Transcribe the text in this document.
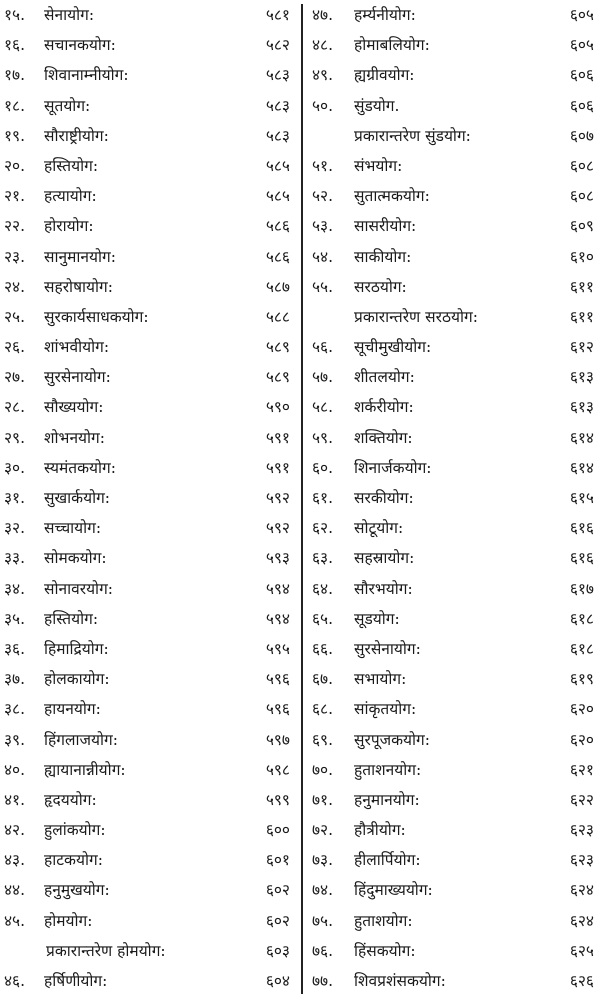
१५. सेनायोग:	५८१
१६. सचानकयोग:	५८२
१७. शिवानाम्नीयोग:	५८३
१८. सूतयोग:	५८३
१९. सौराष्ट्रीयोग:	५८३
२०. हस्तियोग:	५८५
२१. हत्यायोग:	५८५
२२. होरायोग:	५८६
२३. सानुमानयोग:	५८६
२४. सहरोषायोग:	५८७
२५. सुरकार्यसाधकयोग:	५८८
२६. शांभवीयोग:	५८९
२७. सुरसेनायोग:	५८९
२८. सौख्ययोग:	५९०
२९. शोभनयोग:	५९१
३०. स्यमंतकयोग:	५९१
३१. सुखार्कयोग:	५९२
३२. सच्चायोग:	५९२
३३. सोमकयोग:	५९३
३४. सोनावरयोग:	५९४
३५. हस्तियोग:	५९४
३६. हिमाद्रियोग:	५९५
३७. होलकायोग:	५९६
३८. हायनयोग:	५९६
३९. हिंगलाजयोग:	५९७
४०. ह्यायानान्नीयोग:	५९८
४१. हृदययोग:	५९९
४२. हुलांकयोग:	६००
४३. हाटकयोग:	६०१
४४. हनुमुखयोग:	६०२
४५. होमयोग:	६०२
प्रकारान्तरेण होमयोग:	६०३
४६. हर्षिणीयोग:	६०४
४७. हर्म्यनीयोग:	६०५
४८. होमाबलियोग:	६०५
४९. ह्यग्रीवयोग:	६०६
५०. सुंडयोग.	६०६
प्रकारान्तरेण सुंडयोग:	६०७
५१. संभयोग:	६०८
५२. सुतात्मकयोग:	६०८
५३. सासरीयोग:	६०९
५४. साकीयोग:	६१०
५५. सरठयोग:	६११
प्रकारान्तरेण सरठयोग:	६११
५६. सूचीमुखीयोग:	६१२
५७. शीतलयोग:	६१३
५८. शर्करीयोग:	६१३
५९. शक्तियोग:	६१४
६०. शिनार्जकयोग:	६१४
६१. सरकीयोग:	६१५
६२. सोटूयोग:	६१६
६३. सहस्रायोग:	६१६
६४. सौरभयोग:	६१७
६५. सूडयोग:	६१८
६६. सुरसेनायोग:	६१८
६७. सभायोग:	६१९
६८. सांकृतयोग:	६२०
६९. सुरपूजकयोग:	६२०
७०. हुताशनयोग:	६२१
७१. हनुमानयोग:	६२२
७२. हौत्रीयोग:	६२३
७३. हीलार्पियोग:	६२३
७४. हिंदुमाख्ययोग:	६२४
७५. हुताशयोग:	६२४
७६. हिंसकयोग:	६२५
७७. शिवप्रशंसकयोग:	६२६
